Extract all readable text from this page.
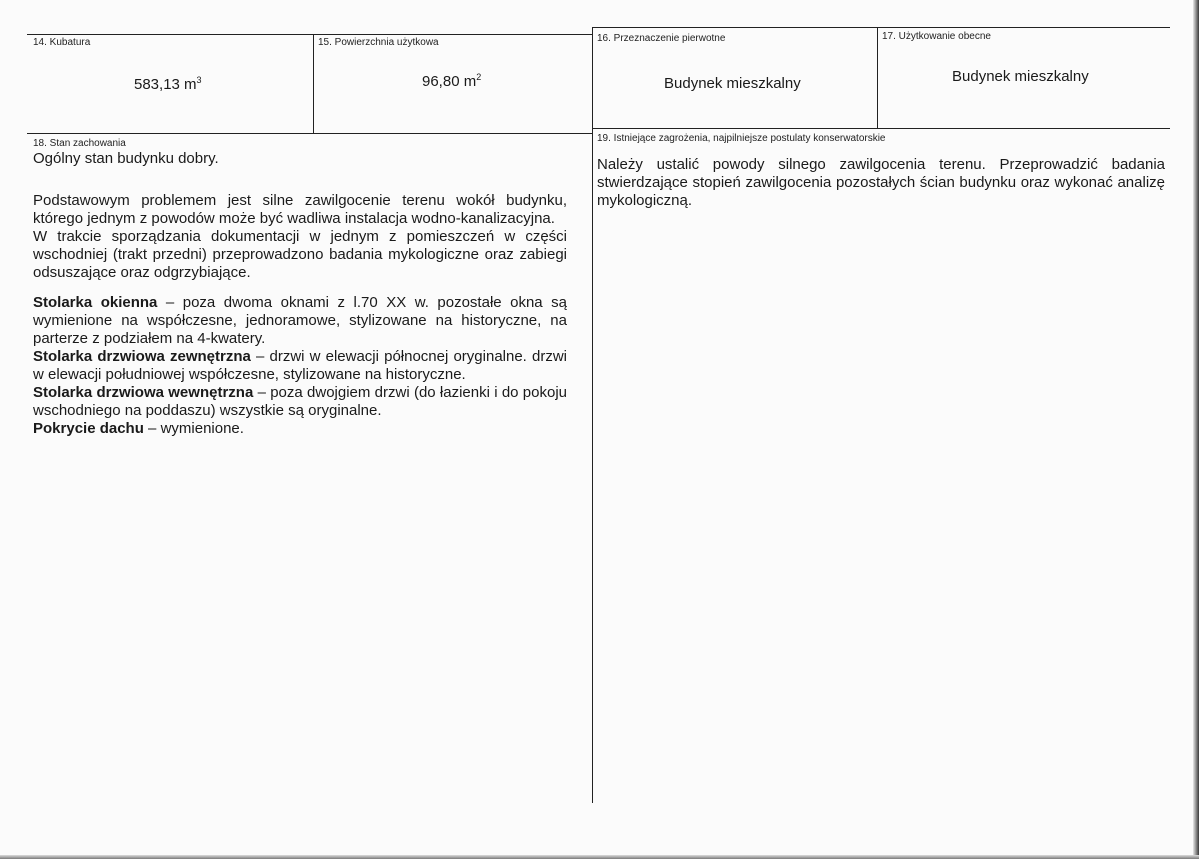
14. Kubatura
583,13 $m^3$
15. Powierzchnia użytkowa
96,80 $m^2$
16. Przeznaczenie pierwotne
Budynek mieszkalny
17. Użytkowanie obecne
Budynek mieszkalny
18. Stan zachowania

Ogólny stan budynku dobry.

Podstawowym problemem jest silne zawilgocenie terenu wokół budynku, którego jednym z powodów może być wadliwa instalacja wodno-kanalizacyjna.

W trakcie sporządzania dokumentacji w jednym z pomieszczeń w części wschodniej (trakt przedni) przeprowadzono badania mykologiczne oraz zabiegi odsuszające oraz odgrzybiające.

Stolarka okienna – poza dwoma oknami z l.70 XX w. pozostałe okna są wymienione na współczesne, jednoramowe, stylizowane na historyczne, na parterze z podziałem na 4-kwatery.

Stolarka drzwiowa zewnętrzna – drzwi w elewacji północnej oryginalne. drzwi w elewacji południowej współczesne, stylizowane na historyczne.

Stolarka drzwiowa wewnętrzna – poza dwojgiem drzwi (do łazienki i do pokoju wschodniego na poddaszu) wszystkie są oryginalne.

Pokrycie dachu – wymienione.

19. Istniejące zagrożenia, najpilniejsze postulaty konserwatorskie
Należy ustalić powody silnego zawilgocenia terenu. Przeprowadzić badania stwierdzające stopień zawilgocenia pozostałych ścian budynku oraz wykonać analizę mykologiczną.
